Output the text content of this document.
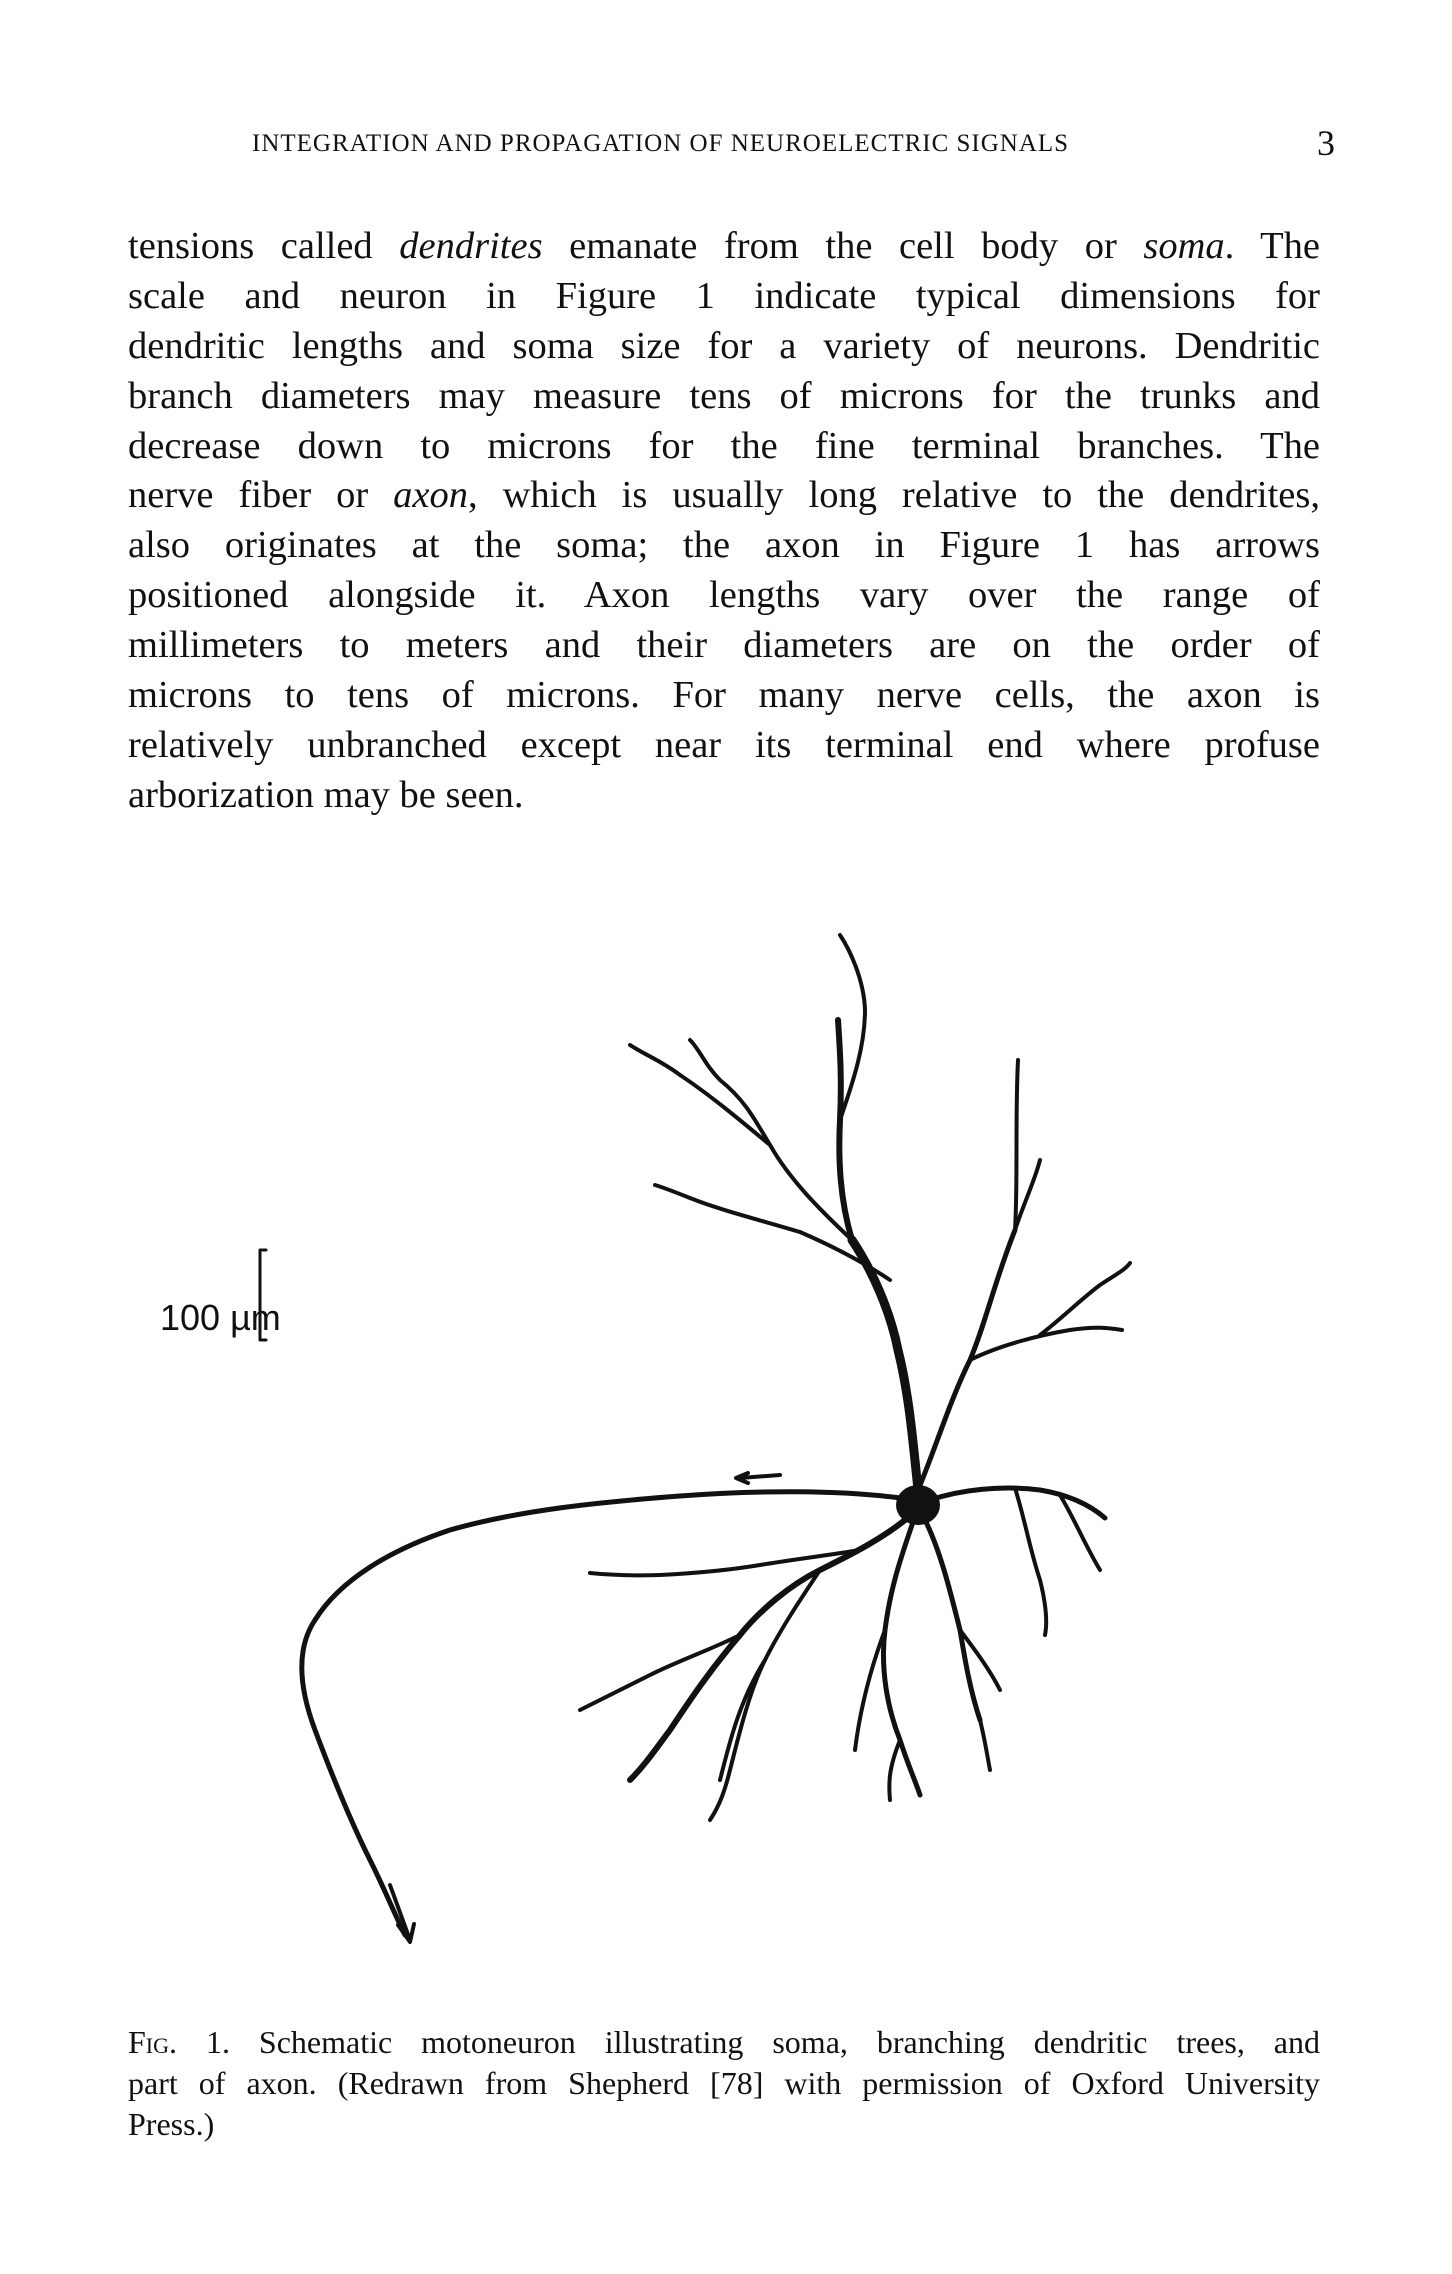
INTEGRATION AND PROPAGATION OF NEUROELECTRIC SIGNALS	3
tensions called dendrites emanate from the cell body or soma. The
scale and neuron in Figure 1 indicate typical dimensions for
dendritic lengths and soma size for a variety of neurons. Dendritic
branch diameters may measure tens of microns for the trunks and
decrease down to microns for the fine terminal branches. The
nerve fiber or axon, which is usually long relative to the dendrites,
also originates at the soma; the axon in Figure 1 has arrows
positioned alongside it. Axon lengths vary over the range of
millimeters to meters and their diameters are on the order of
microns to tens of microns. For many nerve cells, the axon is
relatively unbranched except near its terminal end where profuse
arborization may be seen.
100 µm
Fig. 1. Schematic motoneuron illustrating soma, branching dendritic trees, and
part of axon. (Redrawn from Shepherd [78] with permission of Oxford University
Press.)
